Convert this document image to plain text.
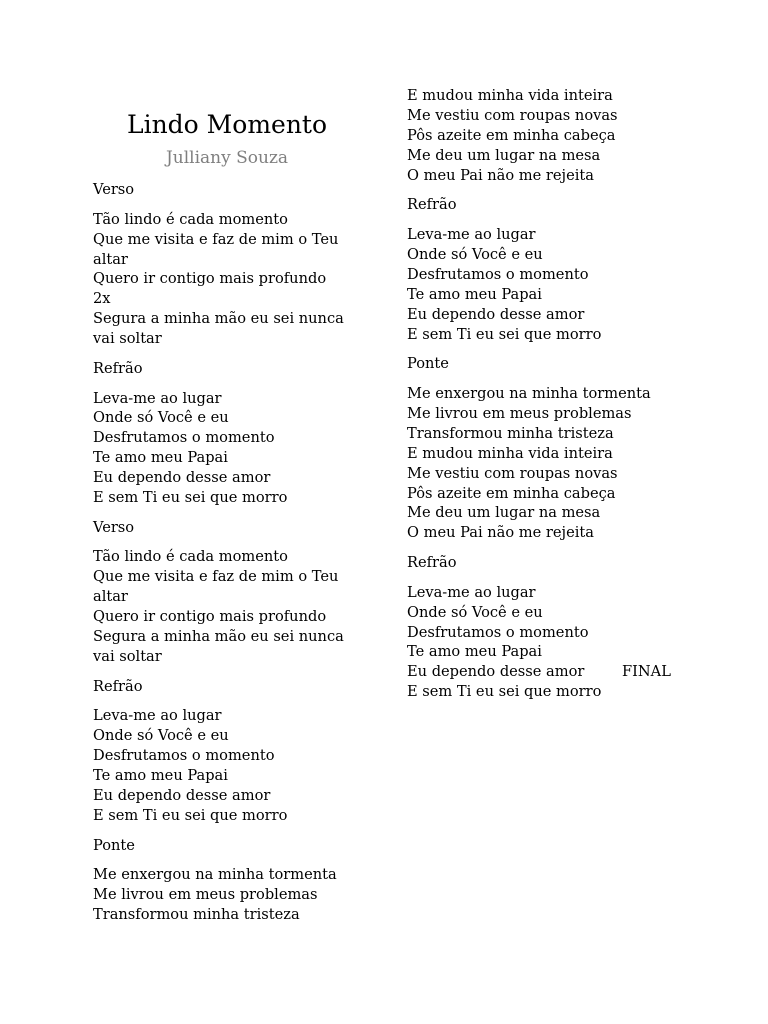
Lindo Momento
Julliany Souza
Verso
Tão lindo é cada momento
Que me visita e faz de mim o Teu
altar
Quero ir contigo mais profundo
2x
Segura a minha mão eu sei nunca
vai soltar
Refrão
Leva-me ao lugar
Onde só Você e eu
Desfrutamos o momento
Te amo meu Papai
Eu dependo desse amor
E sem Ti eu sei que morro
Verso
Tão lindo é cada momento
Que me visita e faz de mim o Teu
altar
Quero ir contigo mais profundo
Segura a minha mão eu sei nunca
vai soltar
Refrão
Leva-me ao lugar
Onde só Você e eu
Desfrutamos o momento
Te amo meu Papai
Eu dependo desse amor
E sem Ti eu sei que morro
Ponte
Me enxergou na minha tormenta
Me livrou em meus problemas
Transformou minha tristeza
E mudou minha vida inteira
Me vestiu com roupas novas
Pôs azeite em minha cabeça
Me deu um lugar na mesa
O meu Pai não me rejeita
Refrão
Leva-me ao lugar
Onde só Você e eu
Desfrutamos o momento
Te amo meu Papai
Eu dependo desse amor
E sem Ti eu sei que morro
Ponte
Me enxergou na minha tormenta
Me livrou em meus problemas
Transformou minha tristeza
E mudou minha vida inteira
Me vestiu com roupas novas
Pôs azeite em minha cabeça
Me deu um lugar na mesa
O meu Pai não me rejeita
Refrão
Leva-me ao lugar
Onde só Você e eu
Desfrutamos o momento
Te amo meu Papai
Eu dependo desse amor	FINAL
E sem Ti eu sei que morro
